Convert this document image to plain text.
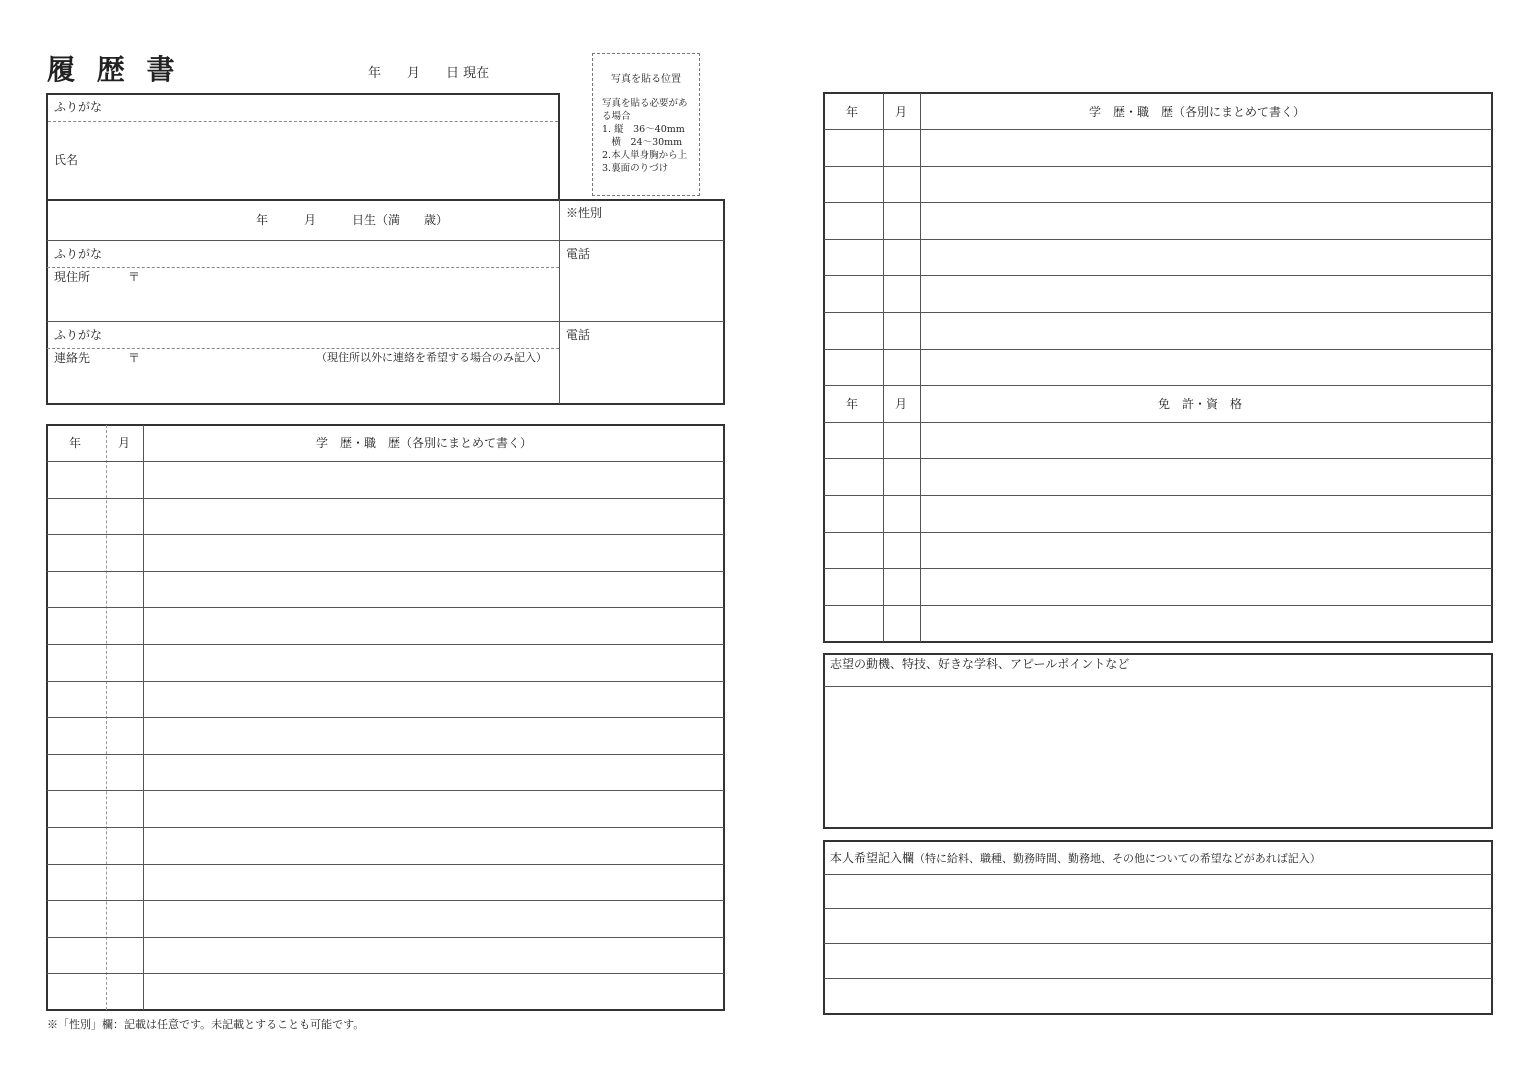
履 歴 書	年　　月　　日 現在	写真を貼る位置
写真を貼る必要があ
る場合
1. 縦　36～40mm
　横　24～30mm
2.本人単身胸から上
3.裏面のりづけ
ふりがな
氏名
年　　　月　　　日生（満　　歳）	※性別
ふりがな
現住所	〒
電話
ふりがな
連絡先	〒	（現住所以外に連絡を希望する場合のみ記入）
電話
年	月	学　歴・職　歴（各別にまとめて書く）
※「性別」欄：記載は任意です。未記載とすることも可能です。
年	月	学　歴・職　歴（各別にまとめて書く）
年	月	免　許・資　格
志望の動機、特技、好きな学科、アピールポイントなど
本人希望記入欄（特に給料、職種、勤務時間、勤務地、その他についての希望などがあれば記入）
